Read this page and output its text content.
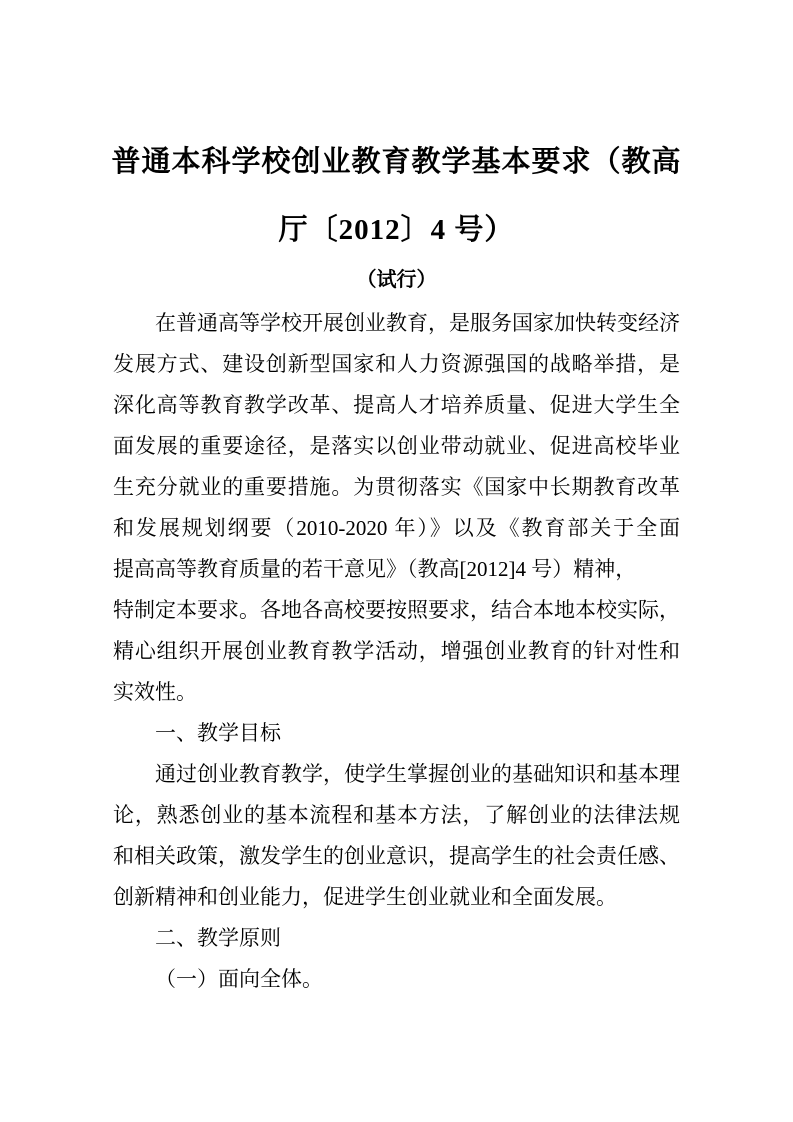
普通本科学校创业教育教学基本要求（教高
厅〔2012〕4 号）
（试行）
在普通高等学校开展创业教育，是服务国家加快转变经济
发展方式、建设创新型国家和人力资源强国的战略举措，是
深化高等教育教学改革、提高人才培养质量、促进大学生全
面发展的重要途径，是落实以创业带动就业、促进高校毕业
生充分就业的重要措施。为贯彻落实《国家中长期教育改革
和发展规划纲要（2010-2020 年）》以及《教育部关于全面
提高高等教育质量的若干意见》（教高[2012]4 号）精神，
特制定本要求。各地各高校要按照要求，结合本地本校实际，
精心组织开展创业教育教学活动，增强创业教育的针对性和
实效性。
一、教学目标
通过创业教育教学，使学生掌握创业的基础知识和基本理
论，熟悉创业的基本流程和基本方法，了解创业的法律法规
和相关政策，激发学生的创业意识，提高学生的社会责任感、
创新精神和创业能力，促进学生创业就业和全面发展。
二、教学原则
（一）面向全体。
